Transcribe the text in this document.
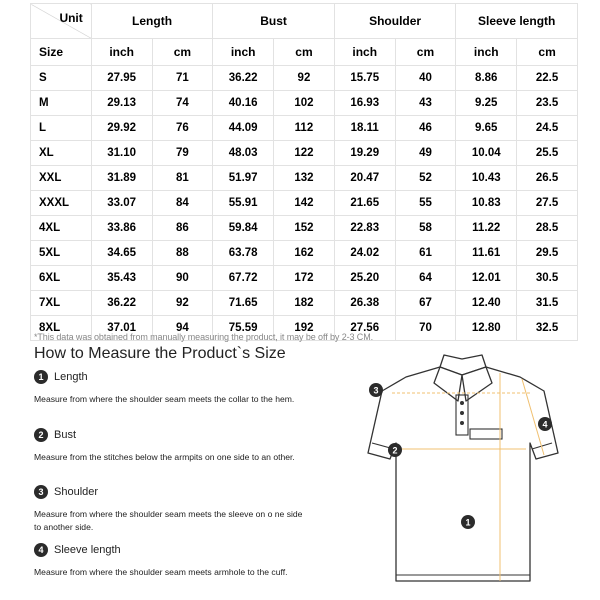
Unit	Length		Bust		Shoulder		Sleeve length	
Size	inch	cm	inch	cm	inch	cm	inch	cm
S	27.95	71	36.22	92	15.75	40	8.86	22.5
M	29.13	74	40.16	102	16.93	43	9.25	23.5
L	29.92	76	44.09	112	18.11	46	9.65	24.5
XL	31.10	79	48.03	122	19.29	49	10.04	25.5
XXL	31.89	81	51.97	132	20.47	52	10.43	26.5
XXXL	33.07	84	55.91	142	21.65	55	10.83	27.5
4XL	33.86	86	59.84	152	22.83	58	11.22	28.5
5XL	34.65	88	63.78	162	24.02	61	11.61	29.5
6XL	35.43	90	67.72	172	25.20	64	12.01	30.5
7XL	36.22	92	71.65	182	26.38	67	12.40	31.5
8XL	37.01	94	75.59	192	27.56	70	12.80	32.5
*This data was obtained from manually measuring the product, it may be off by 2-3 CM.
How to Measure the Product`s Size
1 Length
Measure from where the shoulder seam meets the collar to the hem.
2 Bust
Measure from the stitches below the armpits on one side to an other.
3 Shoulder
Measure from where the shoulder seam meets the sleeve on o ne side to another side.
4 Sleeve length
Measure from where the shoulder seam meets armhole to the cuff.
3
2
4
1
